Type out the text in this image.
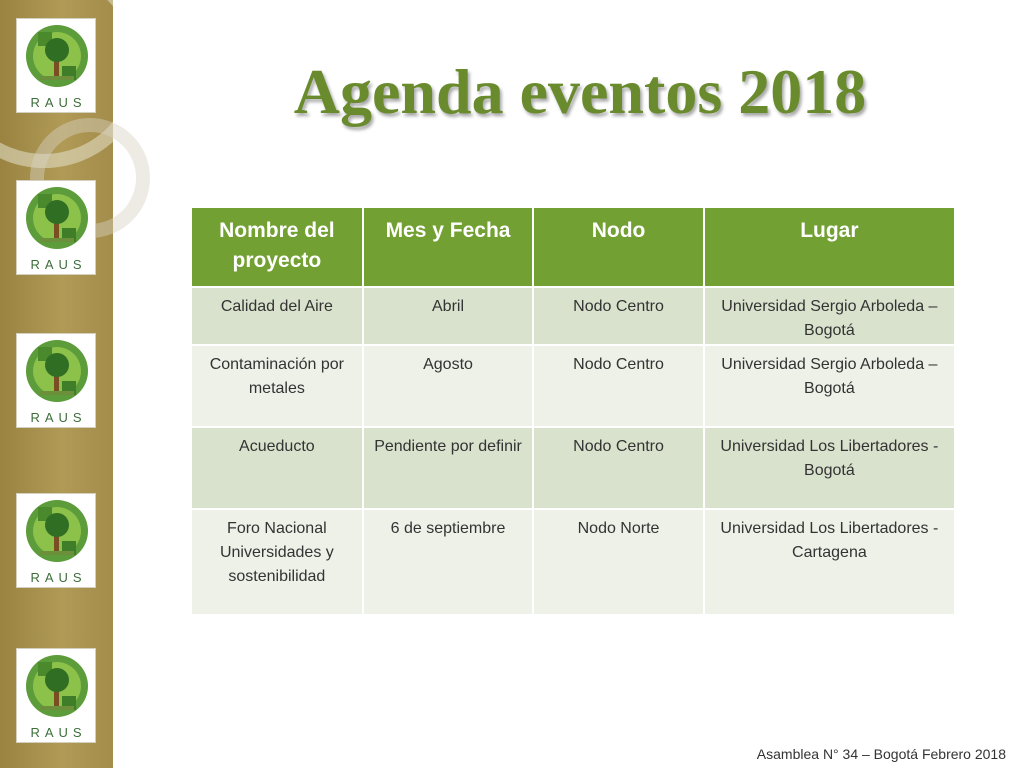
RAUS
RAUS
RAUS
RAUS
RAUS
Agenda eventos 2018
Nombre del proyecto	Mes y Fecha	Nodo	Lugar
Calidad del Aire	Abril	Nodo Centro	Universidad Sergio Arboleda – Bogotá
Contaminación por metales	Agosto	Nodo Centro	Universidad Sergio Arboleda – Bogotá
Acueducto	Pendiente por definir	Nodo Centro	Universidad Los Libertadores - Bogotá
Foro Nacional Universidades y sostenibilidad	6 de septiembre	Nodo Norte	Universidad Los Libertadores -Cartagena
Asamblea N° 34 – Bogotá Febrero 2018
